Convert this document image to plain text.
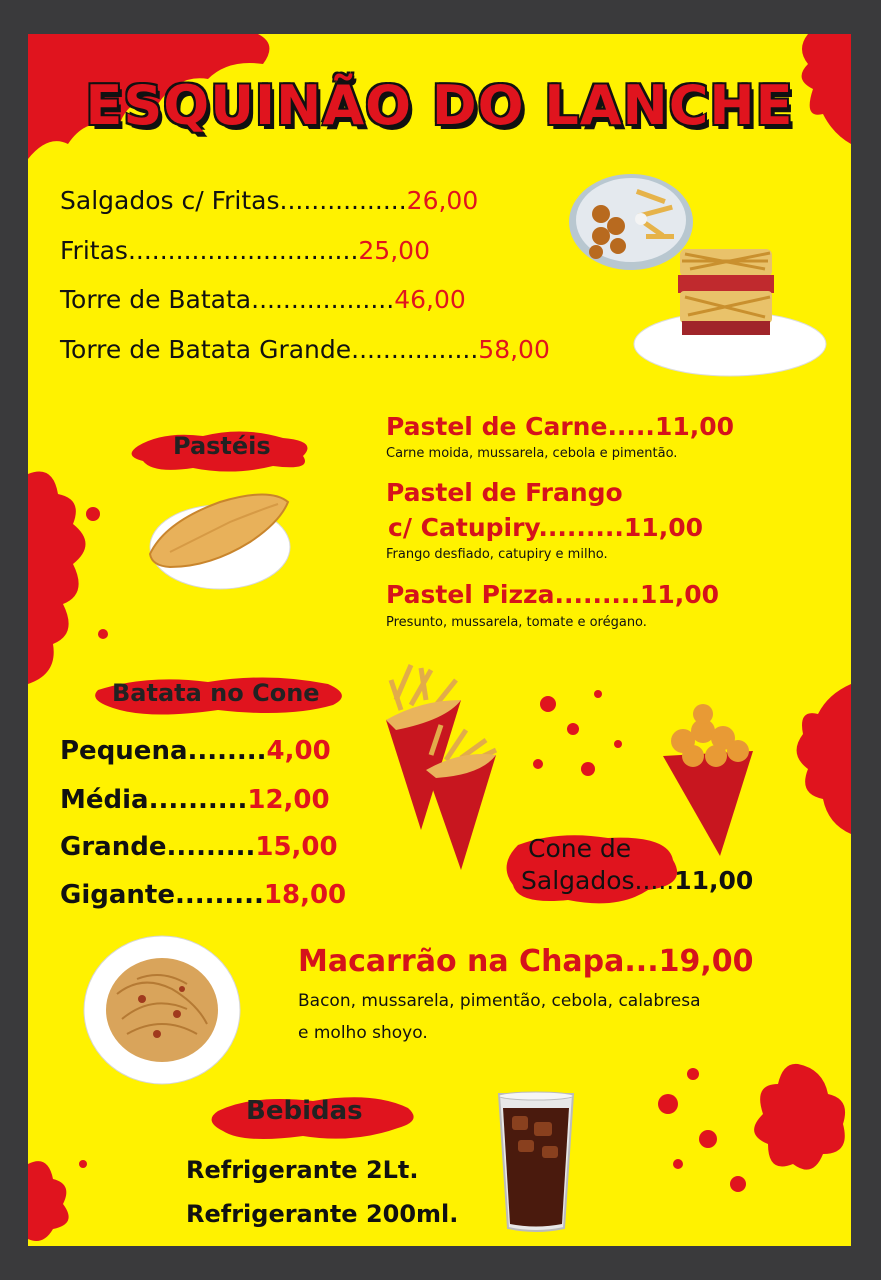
ESQUINÃO DO LANCHE
Salgados c/ Fritas................26,00
Fritas.............................25,00
Torre de Batata..................46,00
Torre de Batata Grande................58,00
Pastéis
Pastel de Carne.....11,00
Carne moida, mussarela, cebola e pimentão.
Pastel de Frango
c/ Catupiry.........11,00
Frango desfiado, catupiry e milho.
Pastel Pizza.........11,00
Presunto, mussarela, tomate e orégano.
Batata no Cone
Pequena........4,00
Média..........12,00
Grande.........15,00
Gigante.........18,00
Cone de
Salgados.....11,00
Macarrão na Chapa...19,00
Bacon, mussarela, pimentão, cebola, calabresa
e molho shoyo.
Bebidas
Refrigerante 2Lt.
Refrigerante 200ml.
